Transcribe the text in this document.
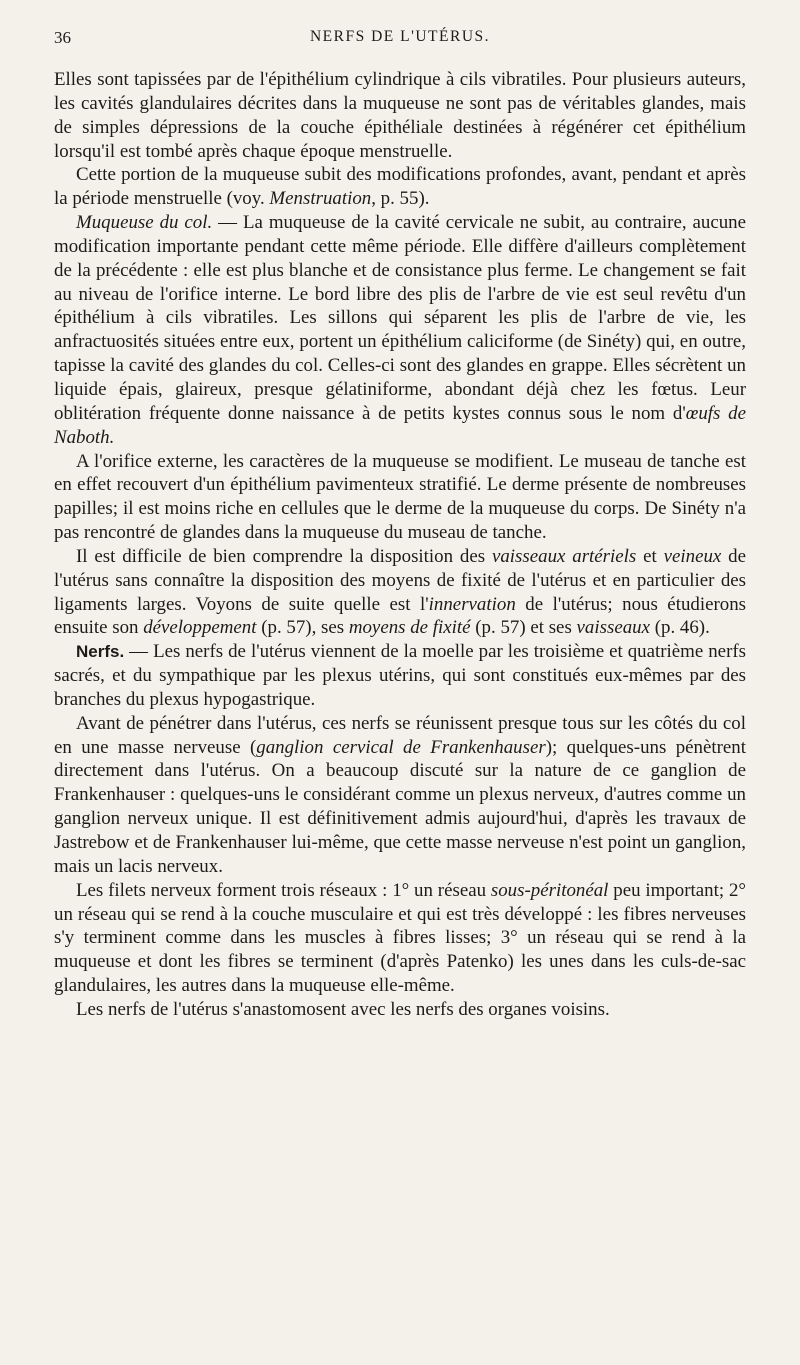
36	NERFS DE L'UTÉRUS.

Elles sont tapissées par de l'épithélium cylindrique à cils vibratiles. Pour plusieurs auteurs, les cavités glandulaires décrites dans la muqueuse ne sont pas de véritables glandes, mais de simples dépressions de la couche épithéliale destinées à régénérer cet épithélium lorsqu'il est tombé après chaque époque menstruelle.

Cette portion de la muqueuse subit des modifications profondes, avant, pendant et après la période menstruelle (voy. Menstruation, p. 55).

Muqueuse du col. — La muqueuse de la cavité cervicale ne subit, au contraire, aucune modification importante pendant cette même période. Elle diffère d'ailleurs complètement de la précédente : elle est plus blanche et de consistance plus ferme. Le changement se fait au niveau de l'orifice interne. Le bord libre des plis de l'arbre de vie est seul revêtu d'un épithélium à cils vibratiles. Les sillons qui séparent les plis de l'arbre de vie, les anfractuosités situées entre eux, portent un épithélium caliciforme (de Sinéty) qui, en outre, tapisse la cavité des glandes du col. Celles-ci sont des glandes en grappe. Elles sécrètent un liquide épais, glaireux, presque gélatiniforme, abondant déjà chez les fœtus. Leur oblitération fréquente donne naissance à de petits kystes connus sous le nom d'œufs de Naboth.

A l'orifice externe, les caractères de la muqueuse se modifient. Le museau de tanche est en effet recouvert d'un épithélium pavimenteux stratifié. Le derme présente de nombreuses papilles; il est moins riche en cellules que le derme de la muqueuse du corps. De Sinéty n'a pas rencontré de glandes dans la muqueuse du museau de tanche.

Il est difficile de bien comprendre la disposition des vaisseaux artériels et veineux de l'utérus sans connaître la disposition des moyens de fixité de l'utérus et en particulier des ligaments larges. Voyons de suite quelle est l'innervation de l'utérus; nous étudierons ensuite son développement (p. 57), ses moyens de fixité (p. 57) et ses vaisseaux (p. 46).

Nerfs. — Les nerfs de l'utérus viennent de la moelle par les troisième et quatrième nerfs sacrés, et du sympathique par les plexus utérins, qui sont constitués eux-mêmes par des branches du plexus hypogastrique.

Avant de pénétrer dans l'utérus, ces nerfs se réunissent presque tous sur les côtés du col en une masse nerveuse (ganglion cervical de Frankenhauser); quelques-uns pénètrent directement dans l'utérus. On a beaucoup discuté sur la nature de ce ganglion de Frankenhauser : quelques-uns le considérant comme un plexus nerveux, d'autres comme un ganglion nerveux unique. Il est définitivement admis aujourd'hui, d'après les travaux de Jastrebow et de Frankenhauser lui-même, que cette masse nerveuse n'est point un ganglion, mais un lacis nerveux.

Les filets nerveux forment trois réseaux : 1° un réseau sous-péritonéal peu important; 2° un réseau qui se rend à la couche musculaire et qui est très développé : les fibres nerveuses s'y terminent comme dans les muscles à fibres lisses; 3° un réseau qui se rend à la muqueuse et dont les fibres se terminent (d'après Patenko) les unes dans les culs-de-sac glandulaires, les autres dans la muqueuse elle-même.

Les nerfs de l'utérus s'anastomosent avec les nerfs des organes voisins.
